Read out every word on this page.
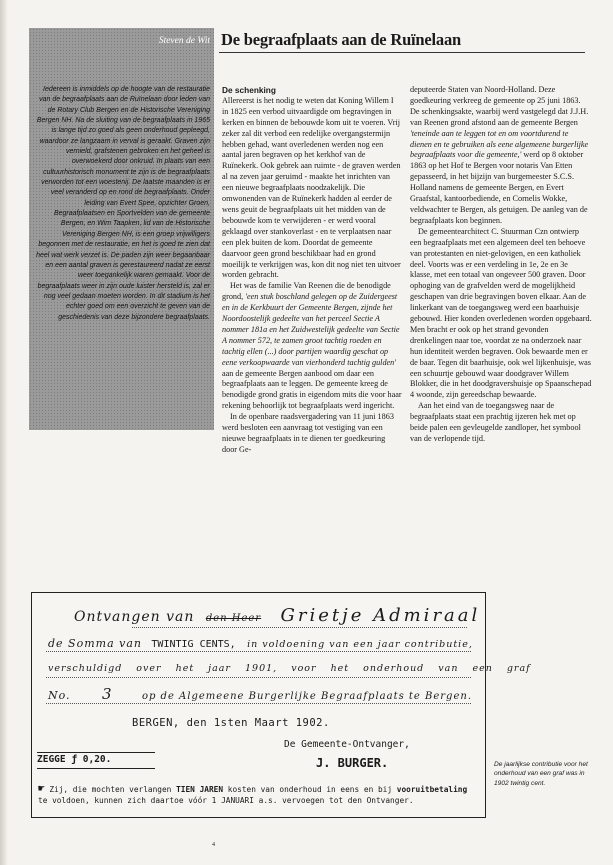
Steven de Wit De begraafplaats aan de Ruïnelaan

Iedereen is inmiddels op de hoogte van de restauratie van de begraafplaats aan de Ruïnelaan door leden van de Rotary Club Bergen en de Historische Vereniging Bergen NH. Na de sluiting van de begraafplaats in 1965 is lange tijd zo goed als geen onderhoud gepleegd, waardoor ze langzaam in verval is geraakt. Graven zijn vernield, grafstenen gebroken en het geheel is overwoekerd door onkruid. In plaats van een cultuurhistorisch monument te zijn is de begraafplaats verworden tot een woestenij. De laatste maanden is er veel veranderd op en rond de begraafplaats. Onder leiding van Evert Spee, opzichter Groen, Begraafplaatsen en Sportvelden van de gemeente Bergen, en Wim Taapken, lid van de Historische Vereniging Bergen NH, is een groep vrijwilligers begonnen met de restauratie, en het is goed te zien dat heel wat werk verzet is. De paden zijn weer begaanbaar en een aantal graven is gerestaureerd nadat ze eerst weer toegankelijk waren gemaakt. Voor de begraafplaats weer in zijn oude luister hersteld is, zal er nog veel gedaan moeten worden. In dit stadium is het echter goed om een overzicht te geven van de geschiedenis van deze bijzondere begraafplaats.

De schenking

Allereerst is het nodig te weten dat Koning Willem I in 1825 een verbod uitvaardigde om begravingen in kerken en binnen de bebouwde kom uit te voeren. Vrij zeker zal dit verbod een redelijke overgangstermijn hebben gehad, want overledenen werden nog een aantal jaren begraven op het kerkhof van de Ruïnekerk. Ook gebrek aan ruimte - de graven werden al na zeven jaar geruimd - maakte het inrichten van een nieuwe begraafplaats noodzakelijk. Die omwonenden van de Ruïnekerk hadden al eerder de wens geuit de begraafplaats uit het midden van de bebouwde kom te verwijderen - er werd vooral geklaagd over stankoverlast - en te verplaatsen naar een plek buiten de kom. Doordat de gemeente daarvoor geen grond beschikbaar had en grond moeilijk te verkrijgen was, kon dit nog niet ten uitvoer worden gebracht.

Het was de familie Van Reenen die de benodigde grond, 'een stuk boschland gelegen op de Zuidergeest en in de Kerkbuurt der Gemeente Bergen, zijnde het Noordoostelijk gedeelte van het perceel Sectie A nommer 181a en het Zuidwestelijk gedeelte van Sectie A nommer 572, te zamen groot tachtig roeden en tachtig ellen (...) door partijen waardig geschat op eene verkoopwaarde van vierhonderd tachtig gulden' aan de gemeente Bergen aanbood om daar een begraafplaats aan te leggen. De gemeente kreeg de benodigde grond gratis in eigendom mits die voor haar rekening behoorlijk tot begraafplaats werd ingericht.

In de openbare raadsvergadering van 11 juni 1863 werd besloten een aanvraag tot vestiging van een nieuwe begraafplaats in te dienen ter goedkeuring door Ge-

deputeerde Staten van Noord-Holland. Deze goedkeuring verkreeg de gemeente op 25 juni 1863. De schenkingsakte, waarbij werd vastgelegd dat J.J.H. van Reenen grond afstond aan de gemeente Bergen 'teneinde aan te leggen tot en om voortdurend te dienen en te gebruiken als eene algemeene burgerlijke begraafplaats voor die gemeente,' werd op 8 oktober 1863 op het Hof te Bergen voor notaris Van Etten gepasseerd, in het bijzijn van burgemeester S.C.S. Holland namens de gemeente Bergen, en Evert Graafstal, kantoorbediende, en Cornelis Wokke, veldwachter te Bergen, als getuigen. De aanleg van de begraafplaats kon beginnen.

De gemeentearchitect C. Stuurman Czn ontwierp een begraafplaats met een algemeen deel ten behoeve van protestanten en niet-gelovigen, en een katholiek deel. Voorts was er een verdeling in 1e, 2e en 3e klasse, met een totaal van ongeveer 500 graven. Door ophoging van de grafvelden werd de mogelijkheid geschapen van drie begravingen boven elkaar. Aan de linkerkant van de toegangsweg werd een baarhuisje gebouwd. Hier konden overledenen worden opgebaard. Men bracht er ook op het strand gevonden drenkelingen naar toe, voordat ze na onderzoek naar hun identiteit werden begraven. Ook bewaarde men er de baar. Tegen dit baarhuisje, ook wel lijkenhuisje, was een schuurtje gebouwd waar doodgraver Willem Blokker, die in het doodgravershuisje op Spaanschepad 4 woonde, zijn gereedschap bewaarde.

Aan het eind van de toegangsweg naar de begraafplaats staat een prachtig ijzeren hek met op beide palen een gevleugelde zandloper, het symbool van de verlopende tijd.

Ontvangen van den Heer Grietje Admiraal
de Somma van TWINTIG CENTS, in voldoening van een jaar contributie,
verschuldigd over het jaar 1901, voor het onderhoud van een graf
No. 3	op de Algemeene Burgerlijke Begraafplaats te Bergen.
BERGEN, den 1sten Maart 1902.
De Gemeente-Ontvanger,
ZEGGE ƒ 0,20.	J. BURGER.
☛ Zij, die mochten verlangen TIEN JAREN kosten van onderhoud in eens en bij vooruitbetaling te voldoen, kunnen zich daartoe vóór 1 JANUARI a.s. vervoegen tot den Ontvanger.
De jaarlijkse contributie voor het onderhoud van een graf was in 1902 twintig cent.
4
